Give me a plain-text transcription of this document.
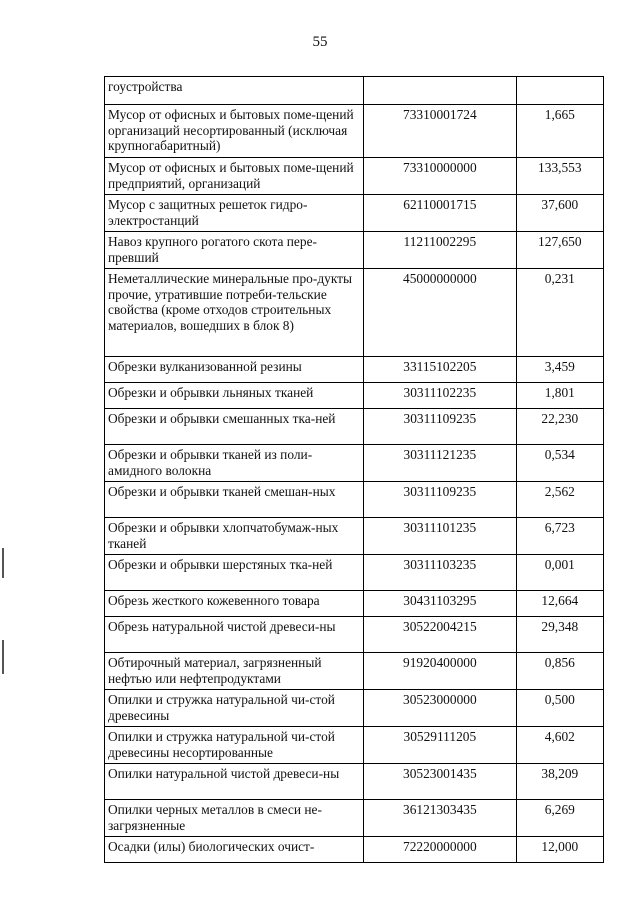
55
гоустройства		
Мусор от офисных и бытовых поме-щений организаций несортированный (исключая крупногабаритный)	73310001724	1,665
Мусор от офисных и бытовых поме-щений предприятий, организаций	73310000000	133,553
Мусор с защитных решеток гидро-электростанций	62110001715	37,600
Навоз крупного рогатого скота пере-превший	11211002295	127,650
Неметаллические минеральные про-дукты прочие, утратившие потреби-тельские свойства (кроме отходов строительных материалов, вошедших в блок 8)	45000000000	0,231
Обрезки вулканизованной резины	33115102205	3,459
Обрезки и обрывки льняных тканей	30311102235	1,801
Обрезки и обрывки смешанных тка-ней	30311109235	22,230
Обрезки и обрывки тканей из поли-амидного волокна	30311121235	0,534
Обрезки и обрывки тканей смешан-ных	30311109235	2,562
Обрезки и обрывки хлопчатобумаж-ных тканей	30311101235	6,723
Обрезки и обрывки шерстяных тка-ней	30311103235	0,001
Обрезь жесткого кожевенного товара	30431103295	12,664
Обрезь натуральной чистой древеси-ны	30522004215	29,348
Обтирочный материал, загрязненный нефтью или нефтепродуктами	91920400000	0,856
Опилки и стружка натуральной чи-стой древесины	30523000000	0,500
Опилки и стружка натуральной чи-стой древесины несортированные	30529111205	4,602
Опилки натуральной чистой древеси-ны	30523001435	38,209
Опилки черных металлов в смеси не-загрязненные	36121303435	6,269
Осадки (илы) биологических очист-	72220000000	12,000
